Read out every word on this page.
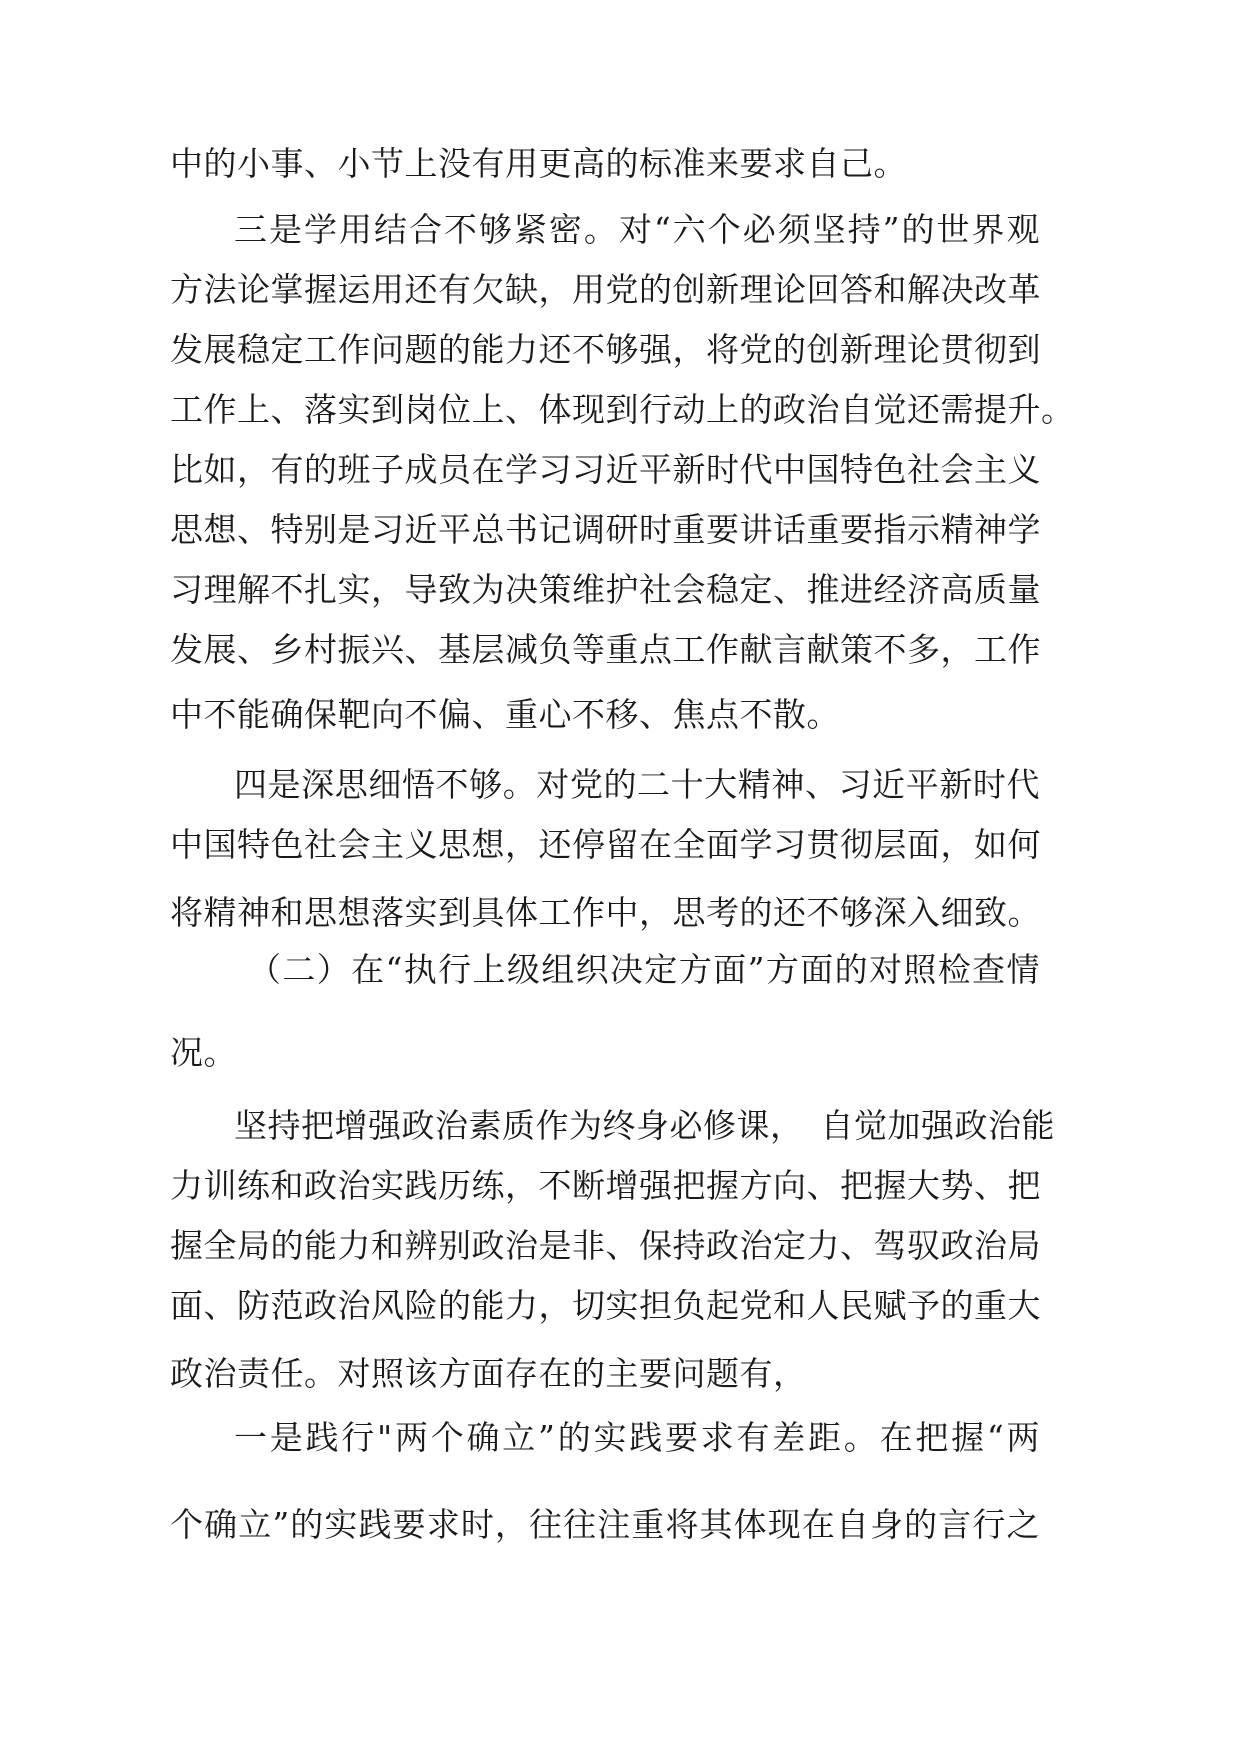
中的小事、小节上没有用更高的标准来要求自己。

三是学用结合不够紧密。对“六个必须坚持”的世界观

方法论掌握运用还有欠缺，用党的创新理论回答和解决改革

发展稳定工作问题的能力还不够强，将党的创新理论贯彻到

工作上、落实到岗位上、体现到行动上的政治自觉还需提升。

比如，有的班子成员在学习习近平新时代中国特色社会主义

思想、特别是习近平总书记调研时重要讲话重要指示精神学

习理解不扎实，导致为决策维护社会稳定、推进经济高质量

发展、乡村振兴、基层减负等重点工作献言献策不多，工作

中不能确保靶向不偏、重心不移、焦点不散。

四是深思细悟不够。对党的二十大精神、习近平新时代

中国特色社会主义思想，还停留在全面学习贯彻层面，如何

将精神和思想落实到具体工作中，思考的还不够深入细致。

（二）在“执行上级组织决定方面”方面的对照检查情

况。

坚持把增强政治素质作为终身必修课，　自觉加强政治能

力训练和政治实践历练，不断增强把握方向、把握大势、把

握全局的能力和辨别政治是非、保持政治定力、驾驭政治局

面、防范政治风险的能力，切实担负起党和人民赋予的重大

政治责任。对照该方面存在的主要问题有，

一是践行"两个确立”的实践要求有差距。在把握“两

个确立”的实践要求时，往往注重将其体现在自身的言行之
